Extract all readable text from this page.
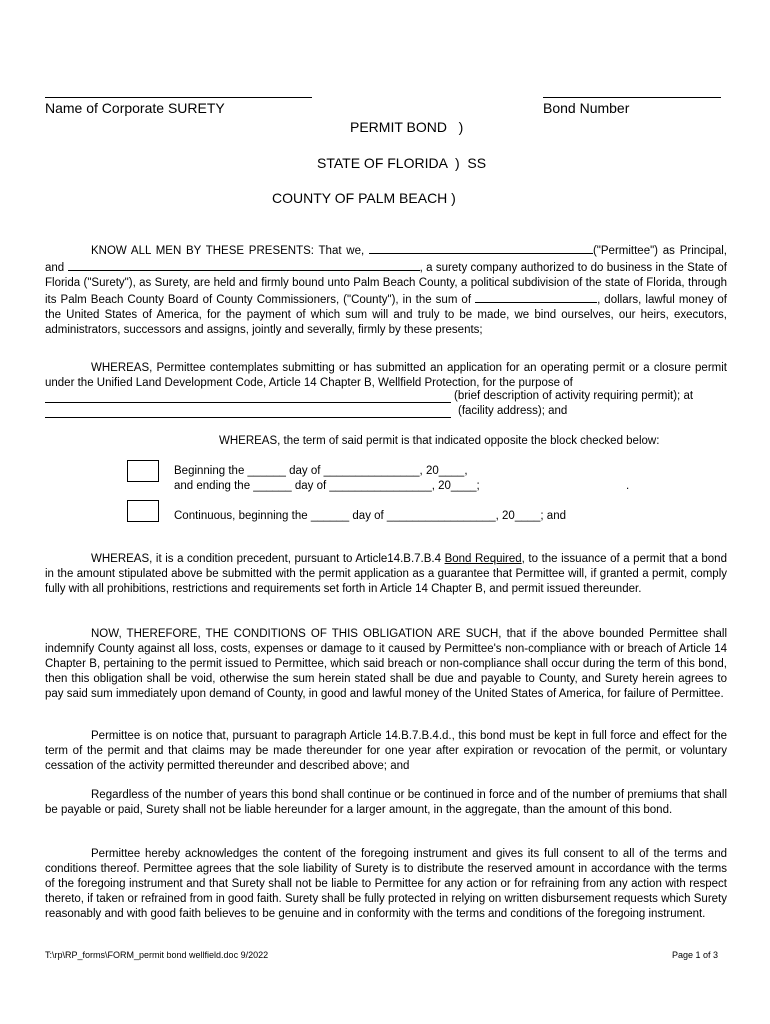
Name of Corporate SURETY	Bond Number
PERMIT BOND   )
STATE OF FLORIDA  )  SS
COUNTY OF PALM BEACH )
KNOW ALL MEN BY THESE PRESENTS: That we,	("Permittee") as Principal, and	, a surety company authorized to do business in the State of Florida ("Surety"), as Surety, are held and firmly bound unto Palm Beach County, a political subdivision of the state of Florida, through its Palm Beach County Board of County Commissioners, ("County"), in the sum of	, dollars, lawful money of the United States of America, for the payment of which sum will and truly to be made, we bind ourselves, our heirs, executors, administrators, successors and assigns, jointly and severally, firmly by these presents;
WHEREAS, Permittee contemplates submitting or has submitted an application for an operating permit or a closure permit under the Unified Land Development Code, Article 14 Chapter B, Wellfield Protection, for the purpose of
(brief description of activity requiring permit); at
(facility address); and
WHEREAS, the term of said permit is that indicated opposite the block checked below:
Beginning the ______ day of _______________, 20____,
and ending the ______ day of ________________, 20____;	.
Continuous, beginning the ______ day of _________________, 20____; and
WHEREAS, it is a condition precedent, pursuant to Article14.B.7.B.4 Bond Required, to the issuance of a permit that a bond in the amount stipulated above be submitted with the permit application as a guarantee that Permittee will, if granted a permit, comply fully with all prohibitions, restrictions and requirements set forth in Article 14 Chapter B, and permit issued thereunder.
NOW, THEREFORE, THE CONDITIONS OF THIS OBLIGATION ARE SUCH, that if the above bounded Permittee shall indemnify County against all loss, costs, expenses or damage to it caused by Permittee's non-compliance with or breach of Article 14 Chapter B, pertaining to the permit issued to Permittee, which said breach or non-compliance shall occur during the term of this bond, then this obligation shall be void, otherwise the sum herein stated shall be due and payable to County, and Surety herein agrees to pay said sum immediately upon demand of County, in good and lawful money of the United States of America, for failure of Permittee.
Permittee is on notice that, pursuant to paragraph Article 14.B.7.B.4.d., this bond must be kept in full force and effect for the term of the permit and that claims may be made thereunder for one year after expiration or revocation of the permit, or voluntary cessation of the activity permitted thereunder and described above; and
Regardless of the number of years this bond shall continue or be continued in force and of the number of premiums that shall be payable or paid, Surety shall not be liable hereunder for a larger amount, in the aggregate, than the amount of this bond.
Permittee hereby acknowledges the content of the foregoing instrument and gives its full consent to all of the terms and conditions thereof. Permittee agrees that the sole liability of Surety is to distribute the reserved amount in accordance with the terms of the foregoing instrument and that Surety shall not be liable to Permittee for any action or for refraining from any action with respect thereto, if taken or refrained from in good faith. Surety shall be fully protected in relying on written disbursement requests which Surety reasonably and with good faith believes to be genuine and in conformity with the terms and conditions of the foregoing instrument.
T:\rp\RP_forms\FORM_permit bond wellfield.doc 9/2022	Page 1 of 3
